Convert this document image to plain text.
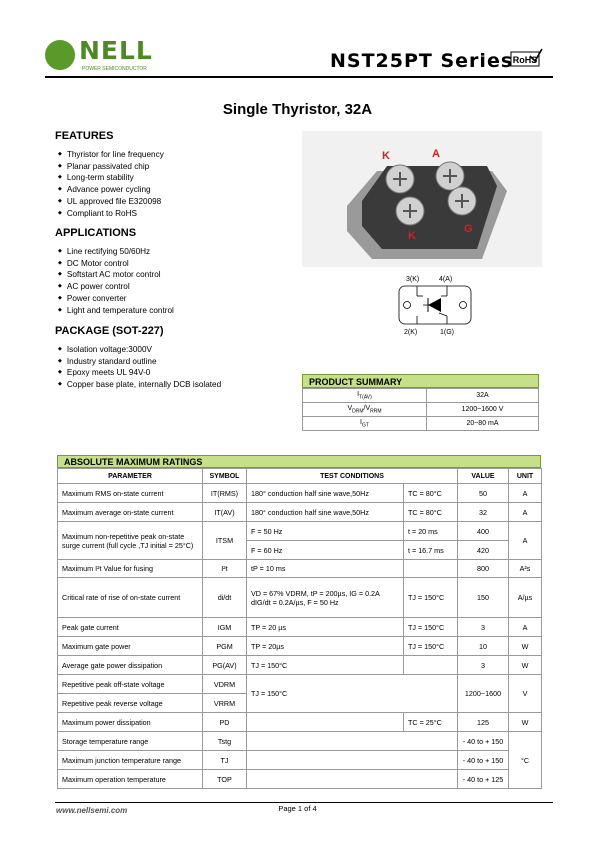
NELL
POWER SEMICONDUCTOR	NST25PT Series RoHS
Single Thyristor, 32A
FEATURES
◆ Thyristor for line frequency
◆ Planar passivated chip
◆ Long-term stability
◆ Advance power cycling
◆ UL approved file E320098
◆ Compliant to RoHS
APPLICATIONS
◆ Line rectifying 50/60Hz
◆ DC Motor control
◆ Softstart AC motor control
◆ AC power control
◆ Power converter
◆ Light and temperature control
PACKAGE (SOT-227)
◆ Isolation voltage:3000V
◆ Industry standard outline
◆ Epoxy meets UL 94V-0
◆ Copper base plate, internally DCB isolated
K	A
K
G
3(K)	4(A)
2(K)	1(G)
PRODUCT SUMMARY
$I_{T(AV)}$	32A
$V_{DRM}/V_{RRM}$	1200~1600 V
$I_{GT}$	20~80 mA
ABSOLUTE MAXIMUM RATINGS
PARAMETER	SYMBOL	TEST CONDITIONS		VALUE	UNIT
Maximum RMS on-state current	IT(RMS)	180° conduction half sine wave,50Hz	TC = 80°C	50	A
Maximum average on-state current	IT(AV)	180° conduction half sine wave,50Hz	TC = 80°C	32	A
Maximum non-repetitive peak on-state surge current (full cycle ,TJ initial = 25°C)	ITSM	F = 50 Hz	t = 20 ms	400	A
		F = 60 Hz	t = 16.7 ms	420	
Maximum I²t Value for fusing	I²t	tP = 10 ms		800	A²s
Critical rate of rise of on-state current	di/dt	VD = 67% VDRM, tP = 200µs, IG = 0.2A dIG/dt = 0.2A/µs, F = 50 Hz	TJ = 150°C	150	A/µs
Peak gate current	IGM	TP = 20 µs	TJ = 150°C	3	A
Maximum gate power	PGM	TP = 20µs	TJ = 150°C	10	W
Average gate power dissipation	PG(AV)	TJ = 150°C		3	W
Repetitive peak off-state voltage	VDRM	TJ = 150°C		1200~1600	V
Repetitive peak reverse voltage	VRRM				
Maximum power dissipation	PD		TC = 25°C	125	W
Storage temperature range	Tstg			- 40 to + 150	°C
Maximum junction temperature range	TJ			- 40 to + 150	
Maximum operation temperature	TOP			- 40 to + 125	
www.nellsemi.com	Page 1 of 4
